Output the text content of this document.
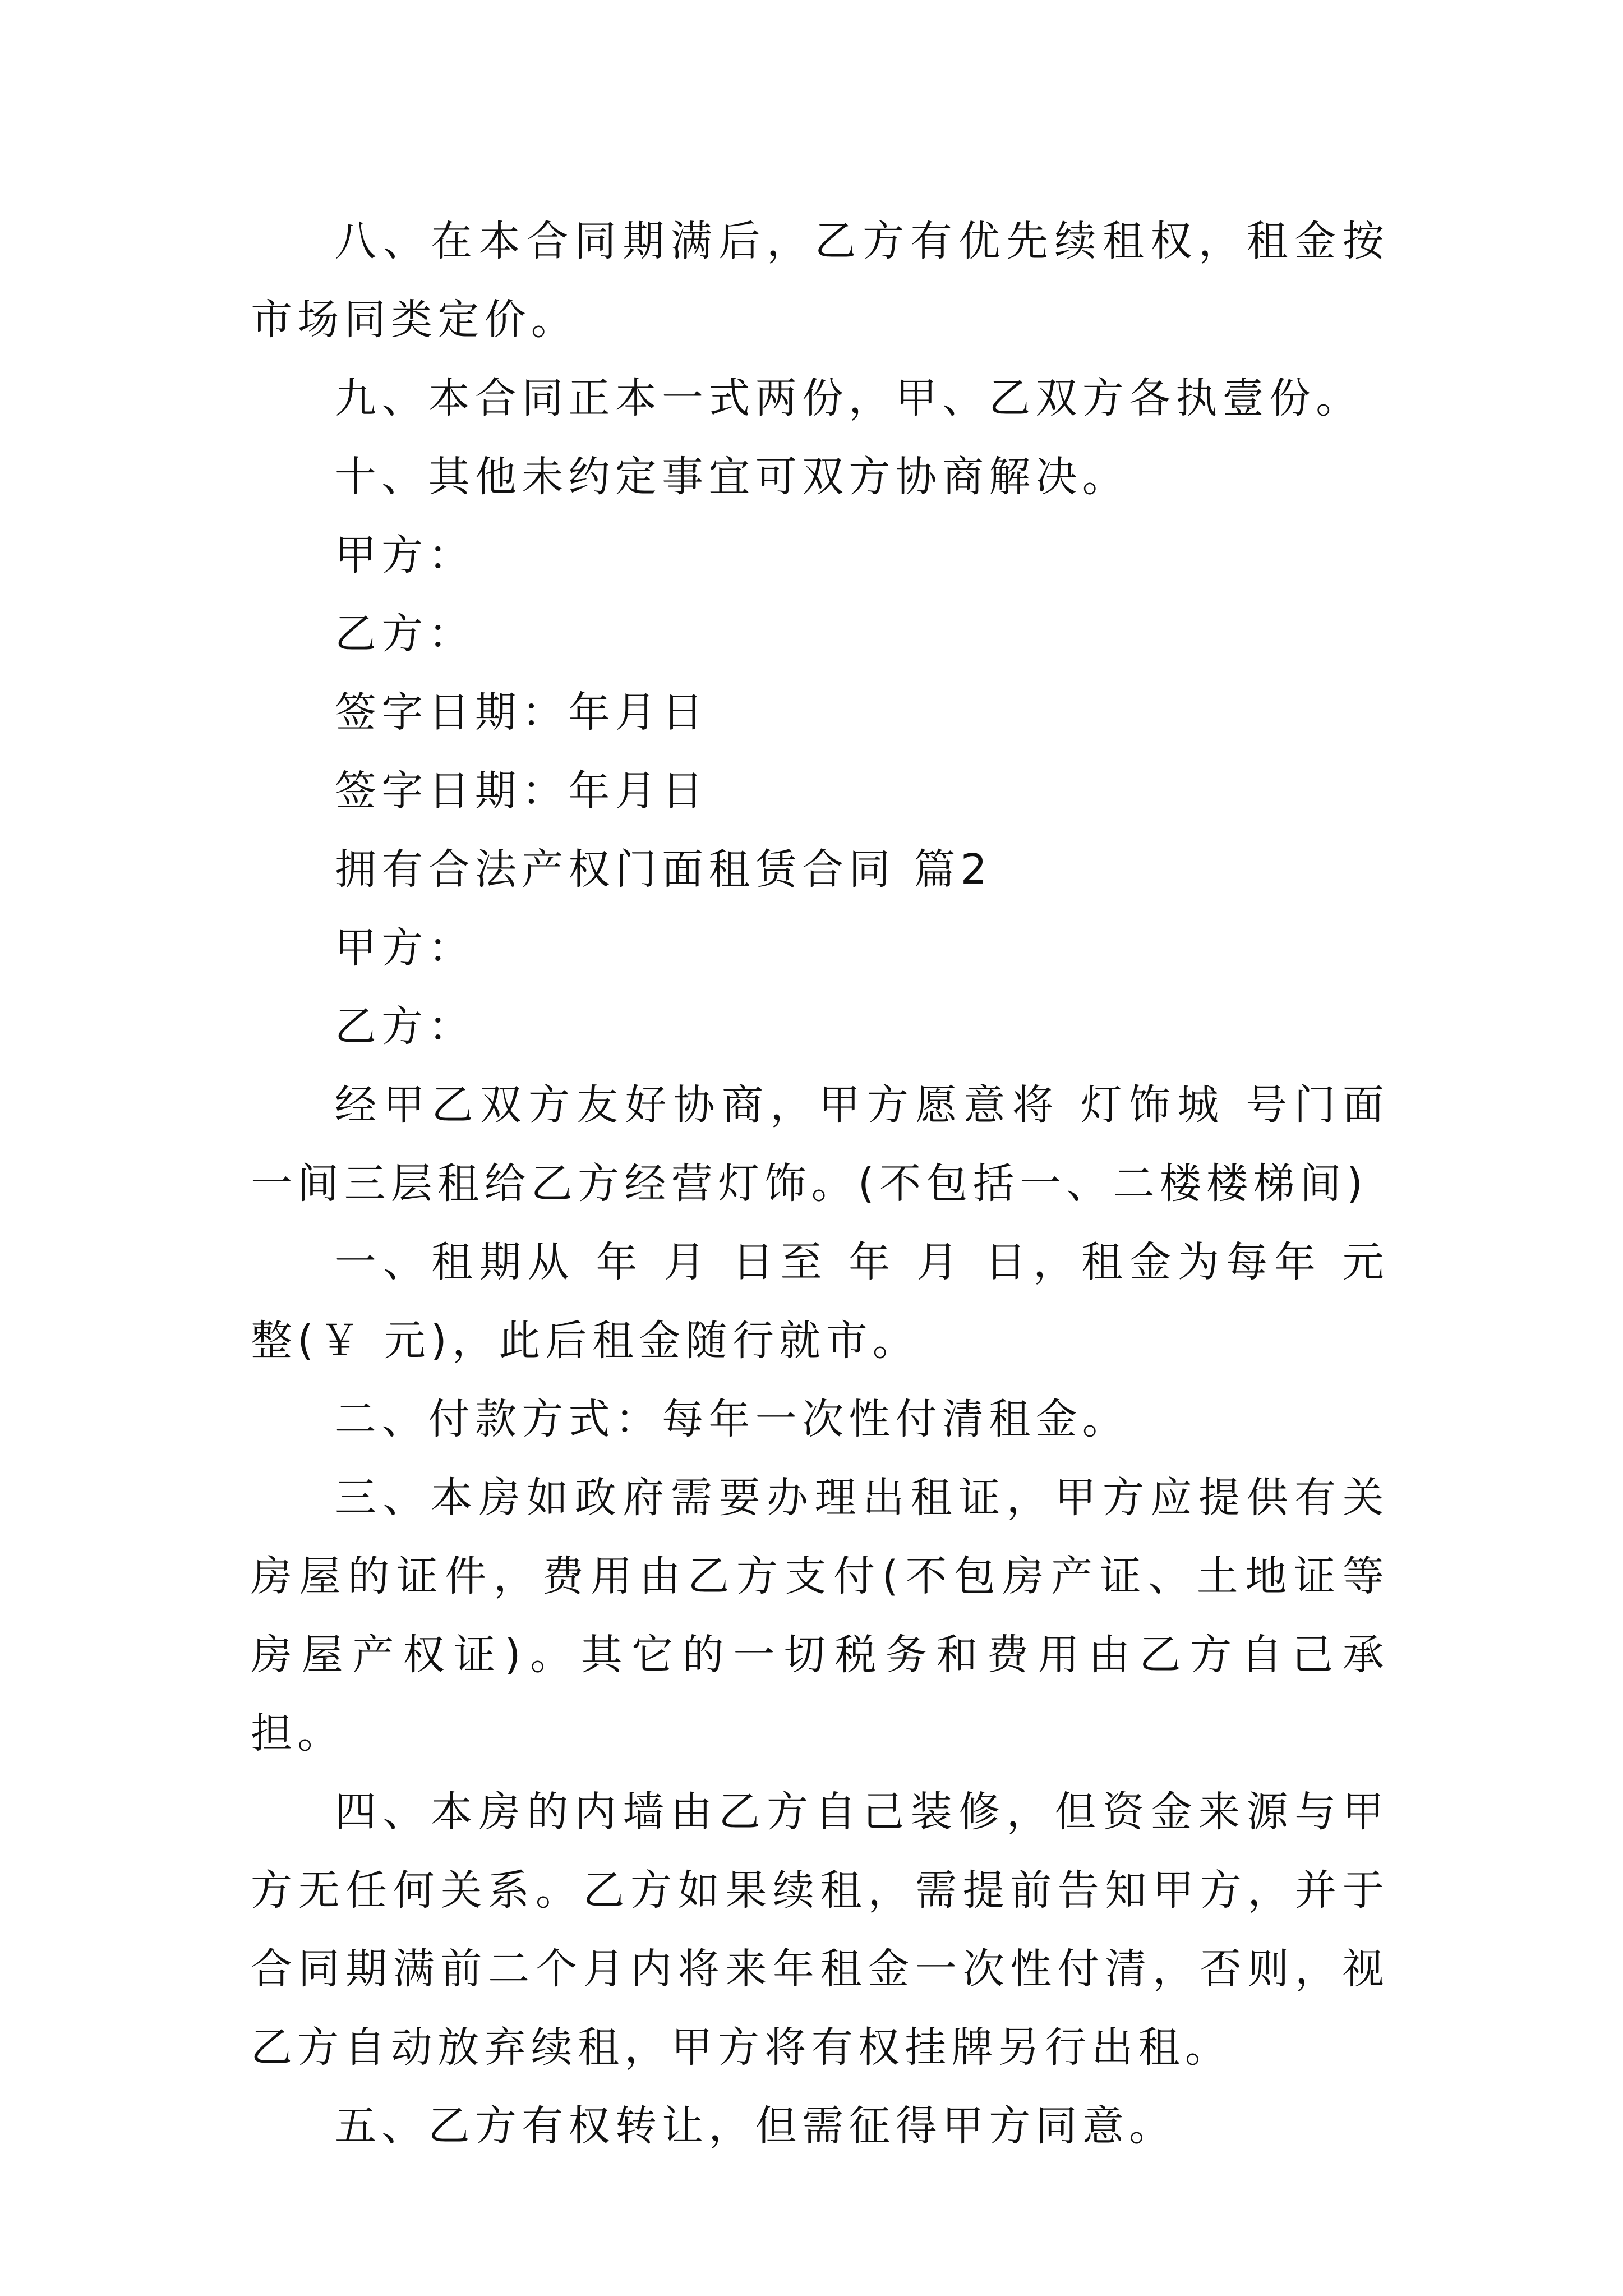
八、在本合同期满后，乙方有优先续租权，租金按市场同类定价。

九、本合同正本一式两份，甲、乙双方各执壹份。

十、其他未约定事宜可双方协商解决。

甲方：

乙方：

签字日期：年月日

签字日期：年月日

拥有合法产权门面租赁合同 篇2

甲方：

乙方：

经甲乙双方友好协商，甲方愿意将 灯饰城 号门面一间三层租给乙方经营灯饰。(不包括一、二楼楼梯间)

一、租期从 年 月 日至 年 月 日，租金为每年 元整(￥ 元)，此后租金随行就市。

二、付款方式：每年一次性付清租金。

三、本房如政府需要办理出租证，甲方应提供有关房屋的证件，费用由乙方支付(不包房产证、土地证等房屋产权证)。其它的一切税务和费用由乙方自己承担。

四、本房的内墙由乙方自己装修，但资金来源与甲方无任何关系。乙方如果续租，需提前告知甲方，并于合同期满前二个月内将来年租金一次性付清，否则，视乙方自动放弃续租，甲方将有权挂牌另行出租。

五、乙方有权转让，但需征得甲方同意。
